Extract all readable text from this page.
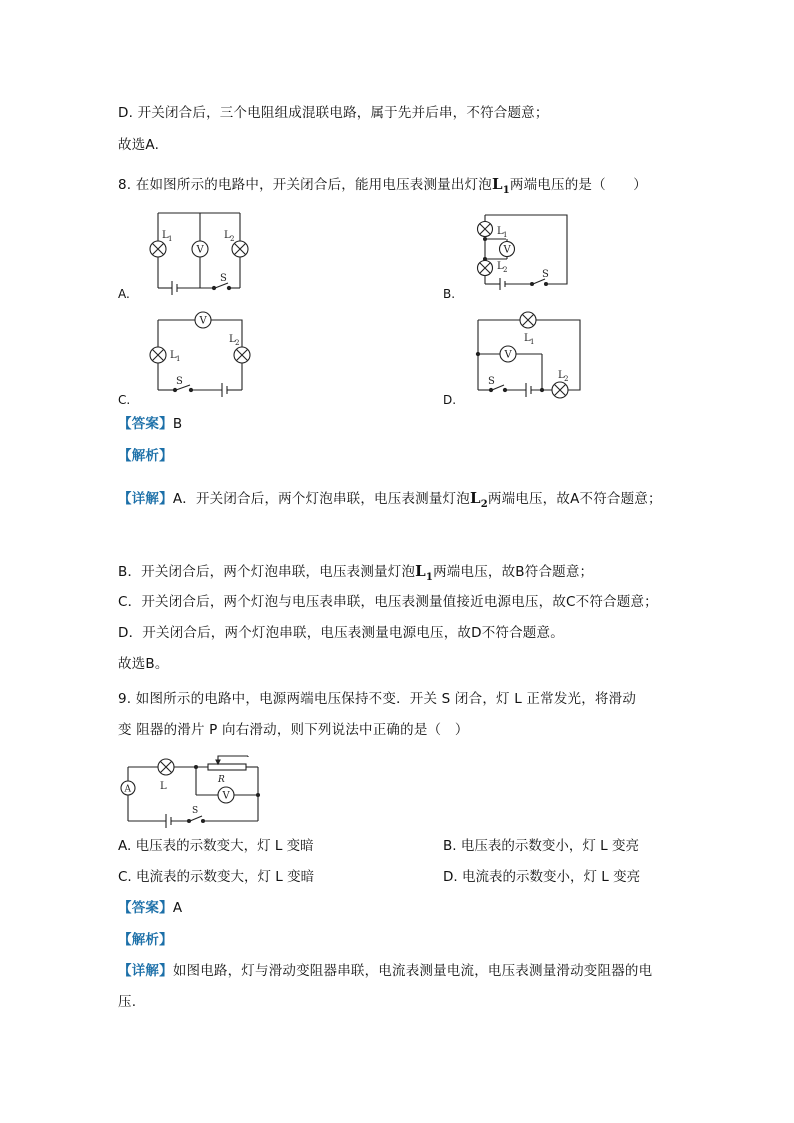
D. 开关闭合后，三个电阻组成混联电路，属于先并后串，不符合题意；
故选A.
8. 在如图所示的电路中，开关闭合后，能用电压表测量出灯泡$L_1$两端电压的是（　　）
A.	B.
C.	D.
V
L 1	L 2
S
V
L 1
L 2	S
V
L 1
L 2
S
L 1
V
S
L 2
【答案】B
【解析】
【详解】A．开关闭合后，两个灯泡串联，电压表测量灯泡$L_2$两端电压，故A不符合题意；
B．开关闭合后，两个灯泡串联，电压表测量灯泡$L_1$两端电压，故B符合题意；
C．开关闭合后，两个灯泡与电压表串联，电压表测量值接近电源电压，故C不符合题意；
D．开关闭合后，两个灯泡串联，电压表测量电源电压，故D不符合题意。
故选B。
9. 如图所示的电路中，电源两端电压保持不变．开关 S 闭合，灯 L 正常发光，将滑动
变 阻器的滑片 P 向右滑动，则下列说法中正确的是（　）
L
R
V
A
S
A. 电压表的示数变大，灯 L 变暗	B. 电压表的示数变小，灯 L 变亮
C. 电流表的示数变大，灯 L 变暗	D. 电流表的示数变小，灯 L 变亮
【答案】A
【解析】
【详解】如图电路，灯与滑动变阻器串联，电流表测量电流，电压表测量滑动变阻器的电
压.
